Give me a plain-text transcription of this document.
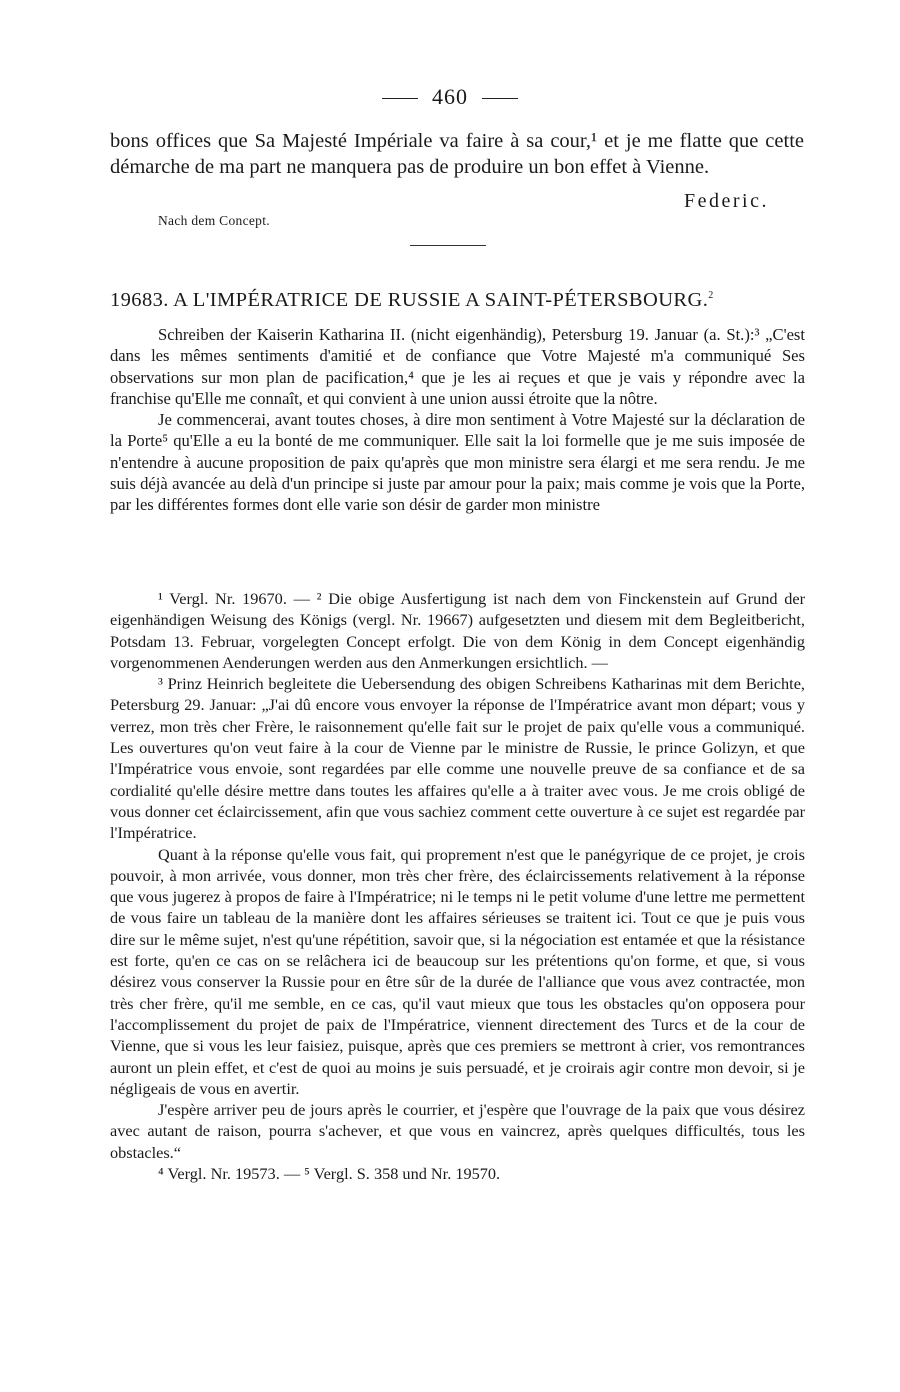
460

bons offices que Sa Majesté Impériale va faire à sa cour,¹ et je me flatte que cette démarche de ma part ne manquera pas de produire un bon effet à Vienne.

Federic.
Nach dem Concept.
19683. A L'IMPÉRATRICE DE RUSSIE A SAINT-PÉTERSBOURG.$^2$

Schreiben der Kaiserin Katharina II. (nicht eigenhändig), Petersburg 19. Januar (a. St.):³ „C'est dans les mêmes sentiments d'amitié et de confiance que Votre Majesté m'a communiqué Ses observations sur mon plan de pacification,⁴ que je les ai reçues et que je vais y répondre avec la franchise qu'Elle me connaît, et qui convient à une union aussi étroite que la nôtre.

Je commencerai, avant toutes choses, à dire mon sentiment à Votre Majesté sur la déclaration de la Porte⁵ qu'Elle a eu la bonté de me communiquer. Elle sait la loi formelle que je me suis imposée de n'entendre à aucune proposition de paix qu'après que mon ministre sera élargi et me sera rendu. Je me suis déjà avancée au delà d'un principe si juste par amour pour la paix; mais comme je vois que la Porte, par les différentes formes dont elle varie son désir de garder mon ministre

¹ Vergl. Nr. 19670. — ² Die obige Ausfertigung ist nach dem von Finckenstein auf Grund der eigenhändigen Weisung des Königs (vergl. Nr. 19667) aufgesetzten und diesem mit dem Begleitbericht, Potsdam 13. Februar, vorgelegten Concept erfolgt. Die von dem König in dem Concept eigenhändig vorgenommenen Aenderungen werden aus den Anmerkungen ersichtlich. —

³ Prinz Heinrich begleitete die Uebersendung des obigen Schreibens Katharinas mit dem Berichte, Petersburg 29. Januar: „J'ai dû encore vous envoyer la réponse de l'Impératrice avant mon départ; vous y verrez, mon très cher Frère, le raisonnement qu'elle fait sur le projet de paix qu'elle vous a communiqué. Les ouvertures qu'on veut faire à la cour de Vienne par le ministre de Russie, le prince Golizyn, et que l'Impératrice vous envoie, sont regardées par elle comme une nouvelle preuve de sa confiance et de sa cordialité qu'elle désire mettre dans toutes les affaires qu'elle a à traiter avec vous. Je me crois obligé de vous donner cet éclaircissement, afin que vous sachiez comment cette ouverture à ce sujet est regardée par l'Impératrice.

Quant à la réponse qu'elle vous fait, qui proprement n'est que le panégyrique de ce projet, je crois pouvoir, à mon arrivée, vous donner, mon très cher frère, des éclaircissements relativement à la réponse que vous jugerez à propos de faire à l'Impératrice; ni le temps ni le petit volume d'une lettre me permettent de vous faire un tableau de la manière dont les affaires sérieuses se traitent ici. Tout ce que je puis vous dire sur le même sujet, n'est qu'une répétition, savoir que, si la négociation est entamée et que la résistance est forte, qu'en ce cas on se relâchera ici de beaucoup sur les prétentions qu'on forme, et que, si vous désirez vous conserver la Russie pour en être sûr de la durée de l'alliance que vous avez contractée, mon très cher frère, qu'il me semble, en ce cas, qu'il vaut mieux que tous les obstacles qu'on opposera pour l'accomplissement du projet de paix de l'Impératrice, viennent directement des Turcs et de la cour de Vienne, que si vous les leur faisiez, puisque, après que ces premiers se mettront à crier, vos remontrances auront un plein effet, et c'est de quoi au moins je suis persuadé, et je croirais agir contre mon devoir, si je négligeais de vous en avertir.

J'espère arriver peu de jours après le courrier, et j'espère que l'ouvrage de la paix que vous désirez avec autant de raison, pourra s'achever, et que vous en vaincrez, après quelques difficultés, tous les obstacles.“

⁴ Vergl. Nr. 19573. — ⁵ Vergl. S. 358 und Nr. 19570.
